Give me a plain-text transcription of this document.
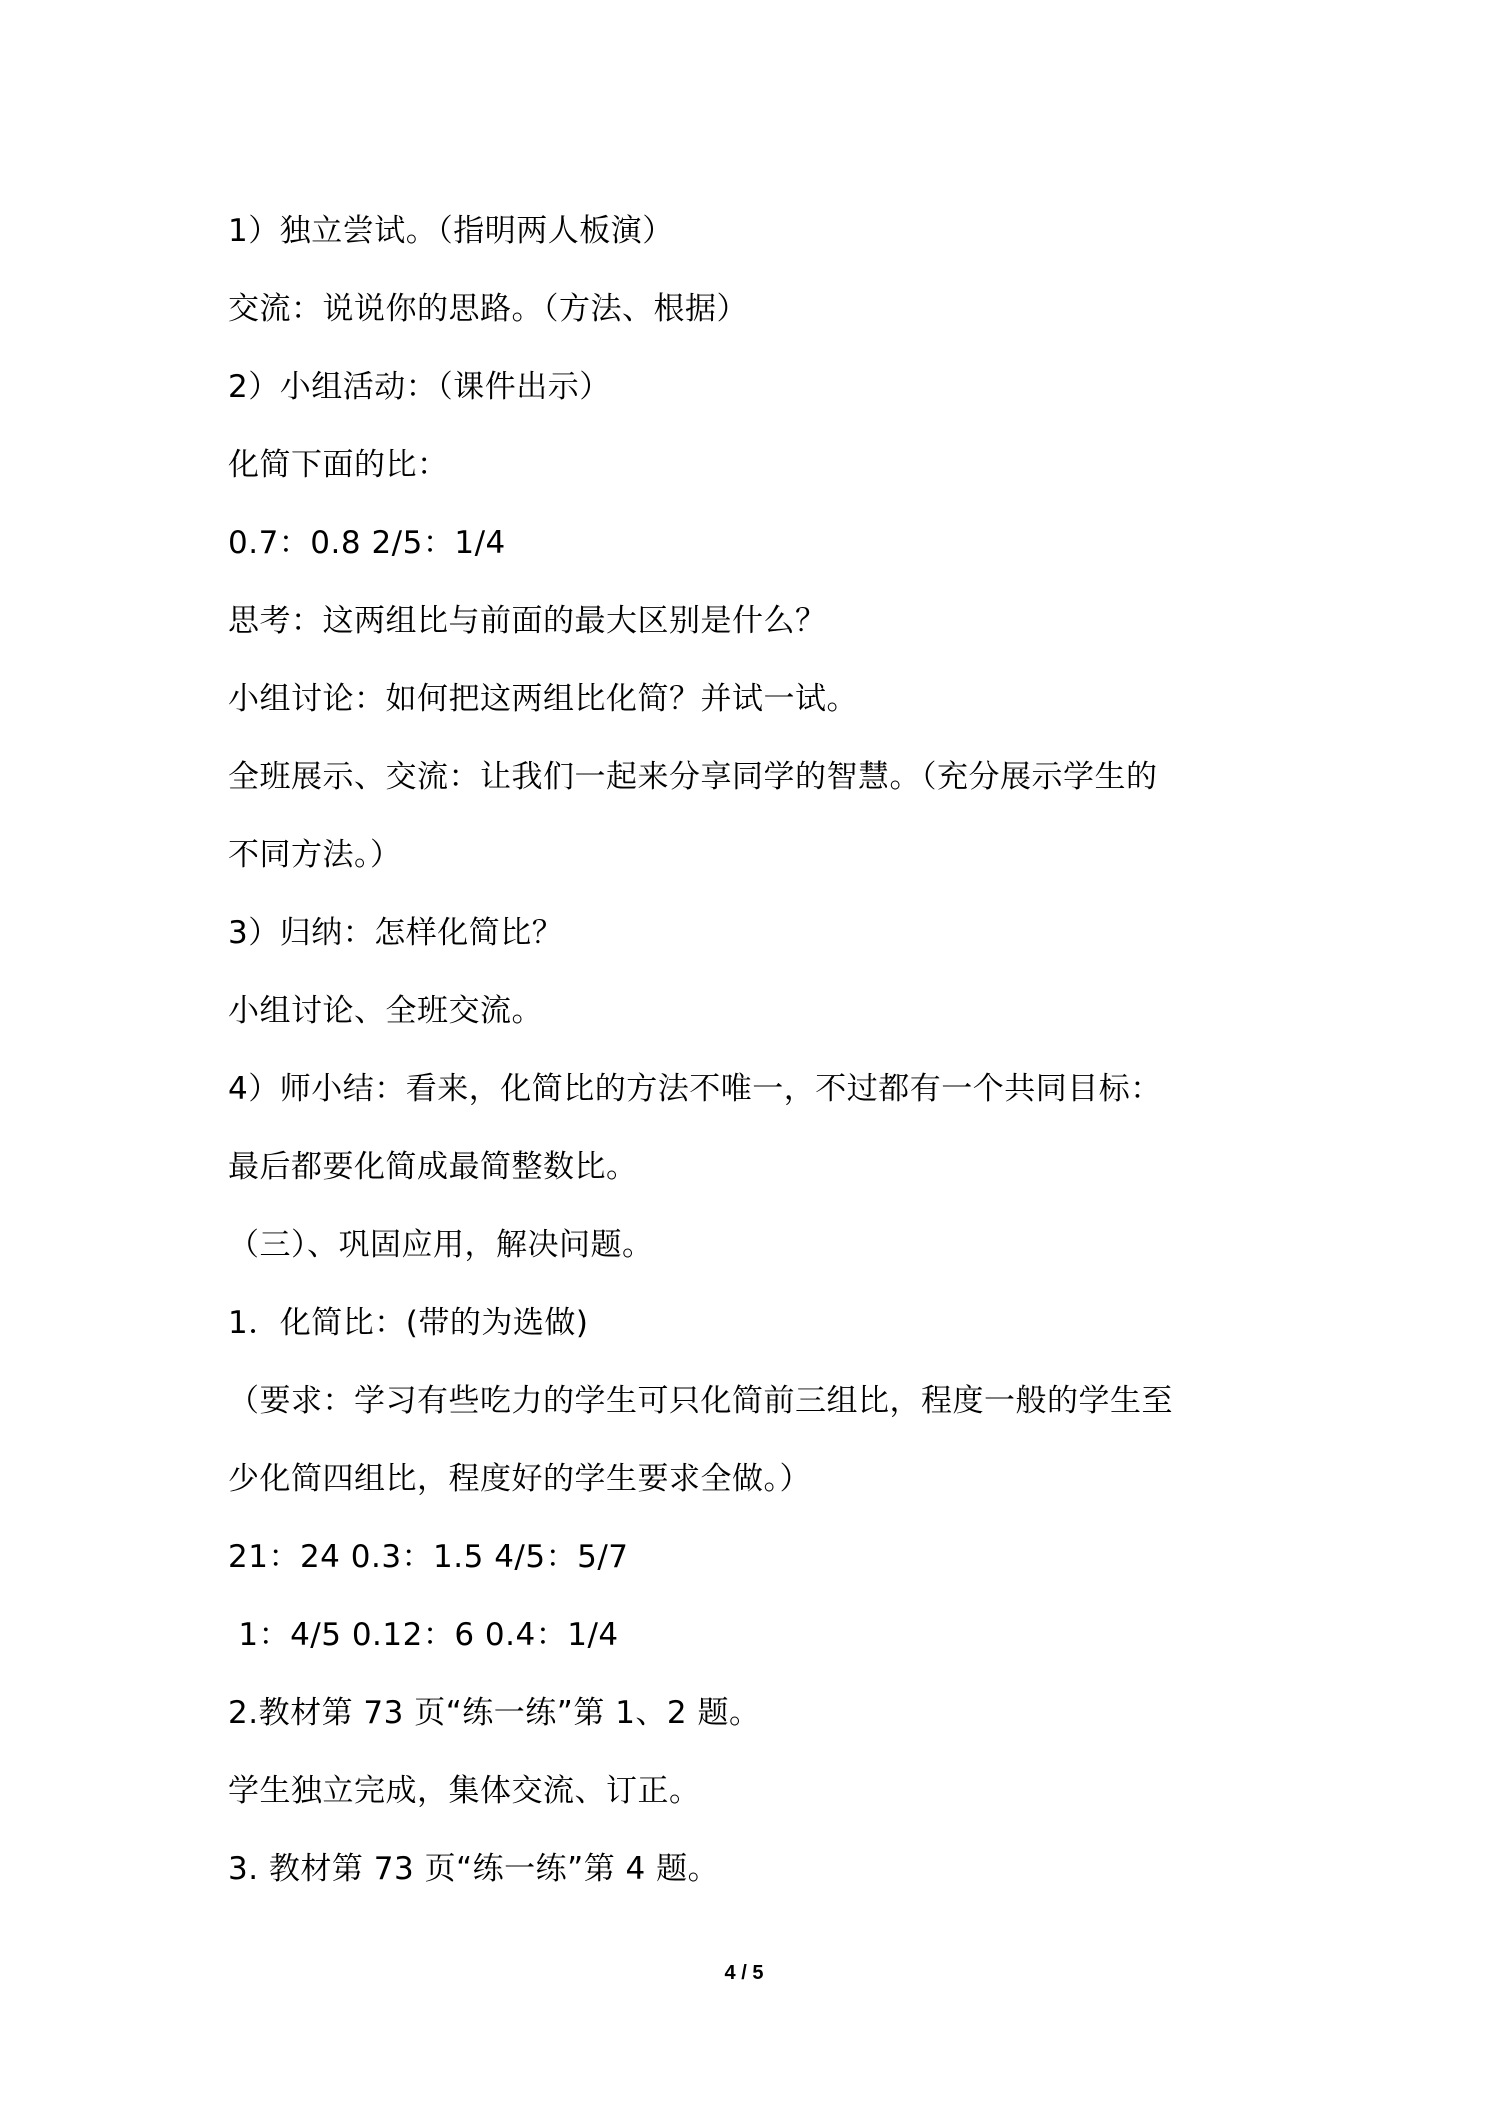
1）独立尝试。（指明两人板演）
交流：说说你的思路。（方法、根据）
2）小组活动：（课件出示）
化简下面的比：
0.7：0.8 2/5：1/4
思考：这两组比与前面的最大区别是什么？
小组讨论：如何把这两组比化简？并试一试。
全班展示、交流：让我们一起来分享同学的智慧。（充分展示学生的
不同方法。）
3）归纳：怎样化简比？
小组讨论、全班交流。
4）师小结：看来，化简比的方法不唯一，不过都有一个共同目标：
最后都要化简成最简整数比。
（三）、巩固应用，解决问题。
1．化简比：(带的为选做)
（要求：学习有些吃力的学生可只化简前三组比，程度一般的学生至
少化简四组比，程度好的学生要求全做。）
21：24 0.3：1.5 4/5：5/7
1：4/5 0.12：6 0.4：1/4
2.教材第 73 页“练一练”第 1、2 题。
学生独立完成，集体交流、订正。
3. 教材第 73 页“练一练”第 4 题。
4 / 5
